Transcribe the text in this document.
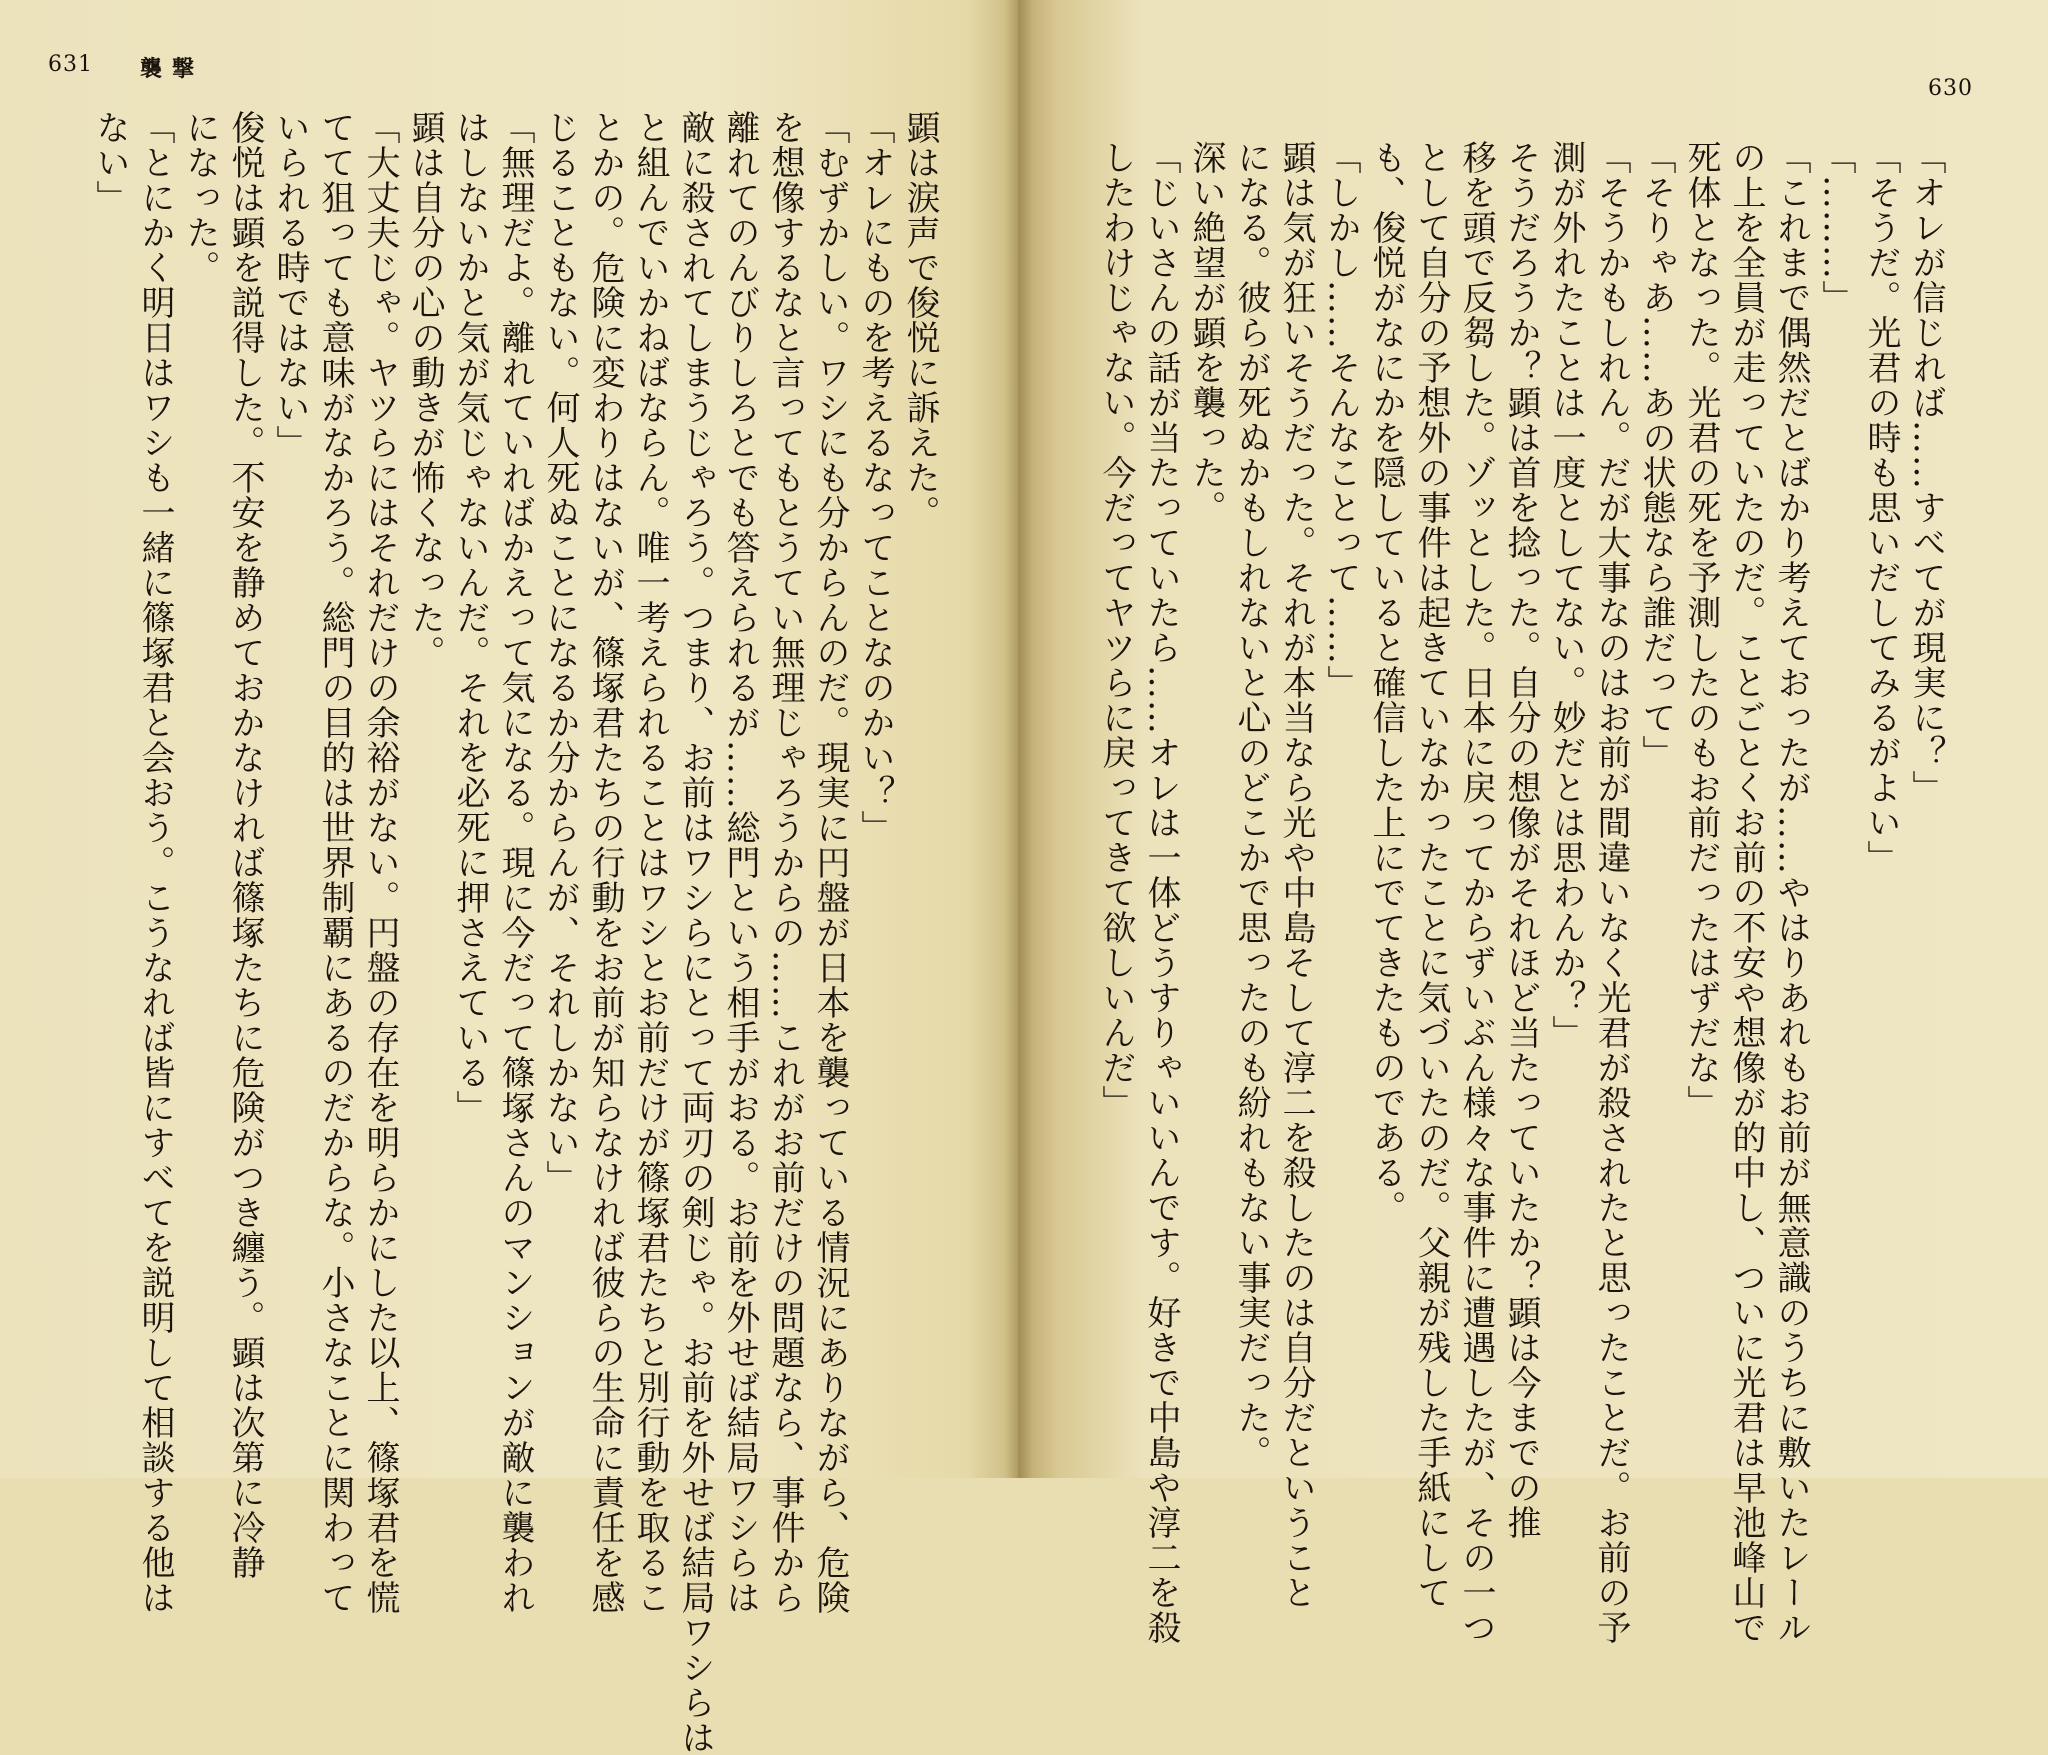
631 襲撃
630
顕は涙声で俊悦に訴えた。
「オレにものを考えるなってことなのかい？」
「むずかしい。ワシにも分からんのだ。現実に円盤が日本を襲っている情況にありながら、危険
を想像するなと言ってもとうてい無理じゃろうからの……これがお前だけの問題なら、事件から
離れてのんびりしろとでも答えられるが……総門という相手がおる。お前を外せば結局ワシらは
敵に殺されてしまうじゃろう。つまり、お前はワシらにとって両刃の剣じゃ。お前を外せば結局ワシらは
と組んでいかねばならん。唯一考えられることはワシとお前だけが篠塚君たちと別行動を取るこ
とかの。危険に変わりはないが、篠塚君たちの行動をお前が知らなければ彼らの生命に責任を感
じることもない。何人死ぬことになるか分からんが、それしかない」
「無理だよ。離れていればかえって気になる。現に今だって篠塚さんのマンションが敵に襲われ
はしないかと気が気じゃないんだ。それを必死に押さえている」
顕は自分の心の動きが怖くなった。
「大丈夫じゃ。ヤツらにはそれだけの余裕がない。円盤の存在を明らかにした以上、篠塚君を慌
てて狙っても意味がなかろう。総門の目的は世界制覇にあるのだからな。小さなことに関わって
いられる時ではない」
俊悦は顕を説得した。不安を静めておかなければ篠塚たちに危険がつき纏う。顕は次第に冷静
になった。
「とにかく明日はワシも一緒に篠塚君と会おう。こうなれば皆にすべてを説明して相談する他は
ない」	「オレが信じれば……すべてが現実に？」
「そうだ。光君の時も思いだしてみるがよい」
「………」
「これまで偶然だとばかり考えておったが……やはりあれもお前が無意識のうちに敷いたレール
の上を全員が走っていたのだ。ことごとくお前の不安や想像が的中し、ついに光君は早池峰山で
死体となった。光君の死を予測したのもお前だったはずだな」
「そりゃあ……あの状態なら誰だって」
「そうかもしれん。だが大事なのはお前が間違いなく光君が殺されたと思ったことだ。お前の予
測が外れたことは一度としてない。妙だとは思わんか？」
そうだろうか？顕は首を捻った。自分の想像がそれほど当たっていたか？顕は今までの推
移を頭で反芻した。ゾッとした。日本に戻ってからずいぶん様々な事件に遭遇したが、その一つ
として自分の予想外の事件は起きていなかったことに気づいたのだ。父親が残した手紙にして
も、俊悦がなにかを隠していると確信した上にでてきたものである。
「しかし……そんなことって……」
顕は気が狂いそうだった。それが本当なら光や中島そして淳二を殺したのは自分だということ
になる。彼らが死ぬかもしれないと心のどこかで思ったのも紛れもない事実だった。
深い絶望が顕を襲った。
「じいさんの話が当たっていたら……オレは一体どうすりゃいいんです。好きで中島や淳二を殺
したわけじゃない。今だってヤツらに戻ってきて欲しいんだ」
